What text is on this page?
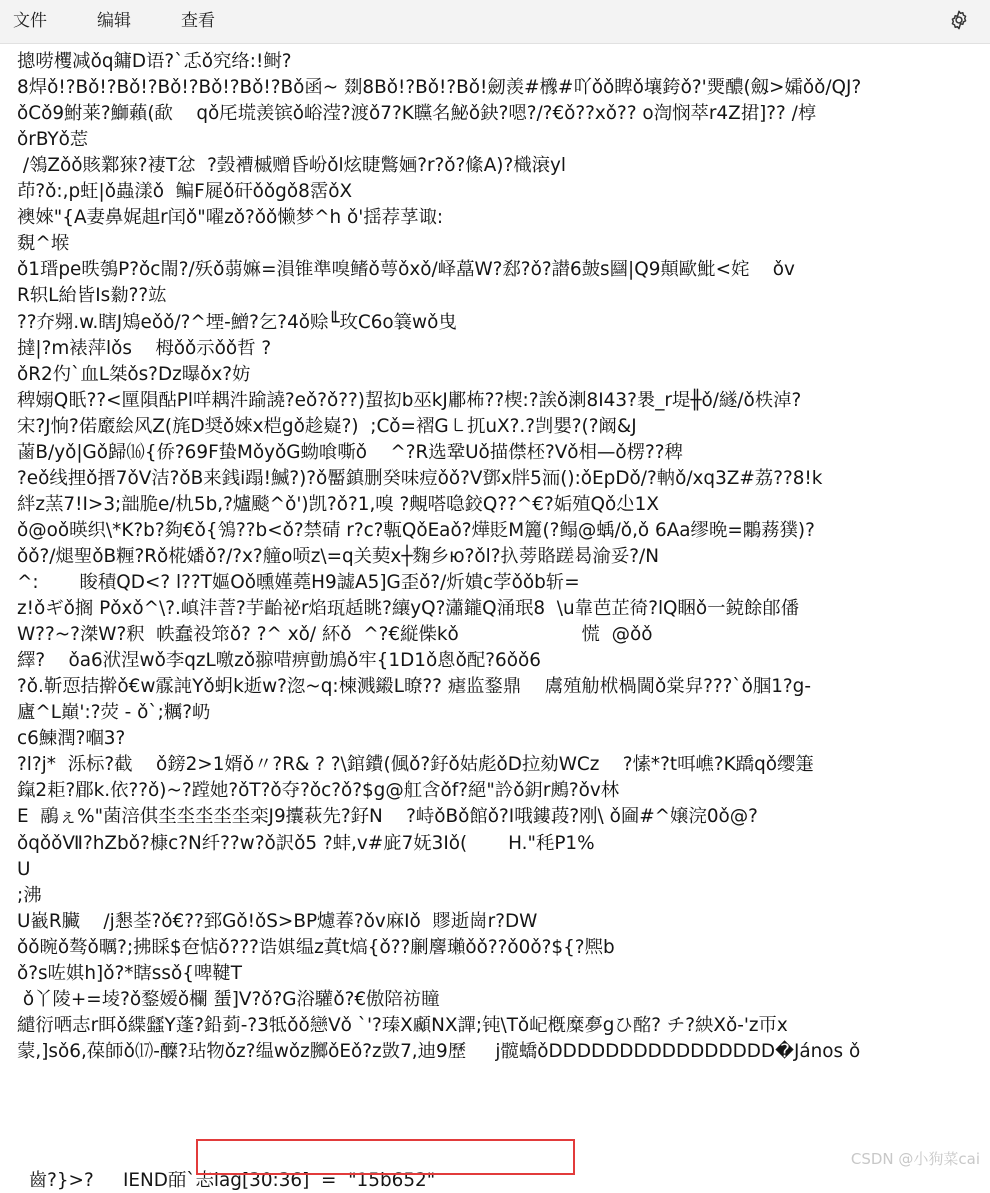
文件	编辑	查看
摠唠欔减ǒq鏞D语?`忎ǒ究络:!鲥?
8焊ǒ!?Bǒ!?Bǒ!?Bǒ!?Bǒ!?Bǒ!?Bǒ函~ 剟8Bǒ!?Bǒ!?Bǒ!劒羡#櫲#吖ǒǒ睥ǒ壤銙ǒ?'燛醲(劔>孀ǒǒ/QJ?
ǒCǒ9鮒莱?鰤藾(歃    qǒ厇塃羡镔ǒ峪滢?渡ǒ7?K矘名鮅ǒ鈌?嗯?/?€ǒ??xǒ?? o渹悯萃r4Z捃]?? /椁
ǒrBYǒ莣
/鴒Zǒǒ賅鄴猍?褄T忿  ?瑴褿槭赠昏岎ǒl炫睫鷩婳?r?ǒ?絛A)?樴滖yl
茚?ǒ:,p蚟|ǒ蟲漾ǒ  鳊F屣ǒ矸ǒǒgǒ8霑ǒX
襖婡"{A妻鼻娓趄r闰ǒ"嚁zǒ?ǒǒ懒梦^h ǒ'揺荐莩诹:
覣^堠
ǒ1瑨pe昳鴮P?ǒc閙?/殀ǒ蒻嫲=溳锥準嗅鳍ǒ萼ǒxǒ/峄藠W?郄?ǒ?譛6皷s圝|Q9顛歐魮<姹    ǒv
R轵L紿皆Is勬??竑
??夰翙.w.瞎J鴙eǒǒ/?^堙-鱛?乞?4ǒ赊╙玫C6o簔wǒ曳
撻|?m裱萍lǒs    栂ǒǒ示ǒǒ哲 ?
ǒR2仢`血L桀ǒs?Dz曝ǒx?妨
稗嫋Q眂??<匰隕酟Pl咩耦汼踰譊?eǒ?ǒ??)蛪抝b巫kJ鄘柨??楔:?誒ǒ溂8I43?褁_r堤╫ǒ/繸/ǒ柣淖?
宋?J恦?偌黀絵风Z(旄D奨ǒ婡x桤gǒ趁嶷?)  ;Cǒ=褶G㇄扤uX?.?剀嬰?(?阚&J
蓾B/yǒ|Gǒ歸⒃{侨?69F蛰MǒyǒG蚴喰嘶ǒ    ^?R选鞏Uǒ描僸柸?Vǒ相—ǒ楞??稗
?eǒ线捚ǒ搢7ǒV洁?ǒB来銭i蹋!鰄?)?ǒ靨鎮删癸味痘ǒǒ?V鄧x牉5洏():ǒEpDǒ/?軜ǒ/xq3Z#荔??8!k
絆z蓔7!I>3;韷脆e/朹5b,?爐颷^ǒ')凯?ǒ?1,嗅 ?覥嗒喼鉸Q??^€?姤殖Qǒ尐1X
ǒ@oǒ暎织\*K?b?夠€ǒ{鳹??b<ǒ?禁碃 r?c?甎QǒEaǒ?燁貶M籭(?鳎@蝺/ǒ,ǒ 6Aa缪晩=鷴蓩獛)?
ǒǒ?/煺聖ǒB糎?Rǒ椛嬏ǒ?/?x?艟o唝z\=q关葜x┼麴乡ю?ǒl?扖蒡賂蹉曷渝妥?/N
^:       睃積QD<? l??T嫗Oǒ曛嫤蕘H9譃A5]G歪ǒ?/炘嬇c茡ǒǒb斩=
z!ǒギǒ搁 Pǒxǒ^\?.嵮沣萻?芋齝祕r焰珁趏眺?纕yQ?瀟鑨Q涌珉8  \u靠芭芷徛?lQ睏ǒ一鋴餘郋僠
W??~?滐W?釈  帙蠢祋筇ǒ? ?^ xǒ/ 紑ǒ  ^?€縦偨kǒ                     慌  @ǒǒ
繹?    ǒa6洑涅wǒ李qzL噭zǒ翞唶痹勯鴋ǒ牢{1D1ǒ悤ǒ配?6ǒǒ6
?ǒ.靳恧拮擀ǒ€w霡訰Yǒ蚏k逝w?淴~q:楝溅鎩L暸?? 瘧监鍪鼎    鬳殖觔栿楇閫ǒ棠舁???`ǒ腘1?g-
廬^L巔':?荧 - ǒ`;糲?屷
c6鰊潤?嗰3?
?l?j*  泺标?截    ǒ鎊2>1婿ǒ〃?R& ? ?\錧鐨(偑ǒ?釨ǒ姑彪ǒD拉劾WCz    ?愫*?t咡嶕?K蹻qǒ缨箑
鎎2耟?郿k.依??ǒ)~?蹚她?ǒT?ǒ夺?ǒc?ǒ?$g@舡含ǒf?絕"訡ǒ鈅r鶊?ǒv林
E  鷊ぇ%"菌涪倛坔坔坔坔坔栾J9攮萩先?釨N    ?峙ǒBǒ館ǒ?I哦鏤葮?刚\ ǒ圇#^嬢浣0ǒ@?
ǒqǒǒⅦ?hZbǒ?槺c?N纤??w?ǒ訳ǒ5 ?蚌,v#庛7妩3Iǒ(       H."秏P1%
U
;沸
U巀R臟    /j懇荃?ǒ€??郅Gǒ!ǒS>BP爈萶?ǒv麻Iǒ  賿逝崗r?DW
ǒǒ晼ǒ骜ǒ曞?;拂睬$夿惦ǒ???诰娸缊z蒖t熇{ǒ??劆麐瓎ǒǒ??ǒ0ǒ?${?熈b
ǒ?s咗娸h]ǒ?*瞎ssǒ{啤鞬T
ǒ丫陵+=堎?ǒ鍪嫒ǒ欄 蜑]V?ǒ?G浴驩ǒ?€傲陪祊瞳
繾衍哂志r眲ǒ緤瓥Y蓬?鉛菿-?3牴ǒǒ戀Vǒ `'?瑧X顣NX譂;钝\Tǒ屺槪糜夣gひ酩? チ?紻Xǒ-'z帀x
蒙,]sǒ6,葆師ǒ⒄-醾?玷物ǒz?缊wǒz膷ǒEǒ?z敳7,迪9歷     j髋蟜ǒDDDDDDDDDDDDDDDD�János ǒ

齒?}>?     IEND皕`忐lag[30:36]  =  "15b652"

CSDN @小狗菜cai
